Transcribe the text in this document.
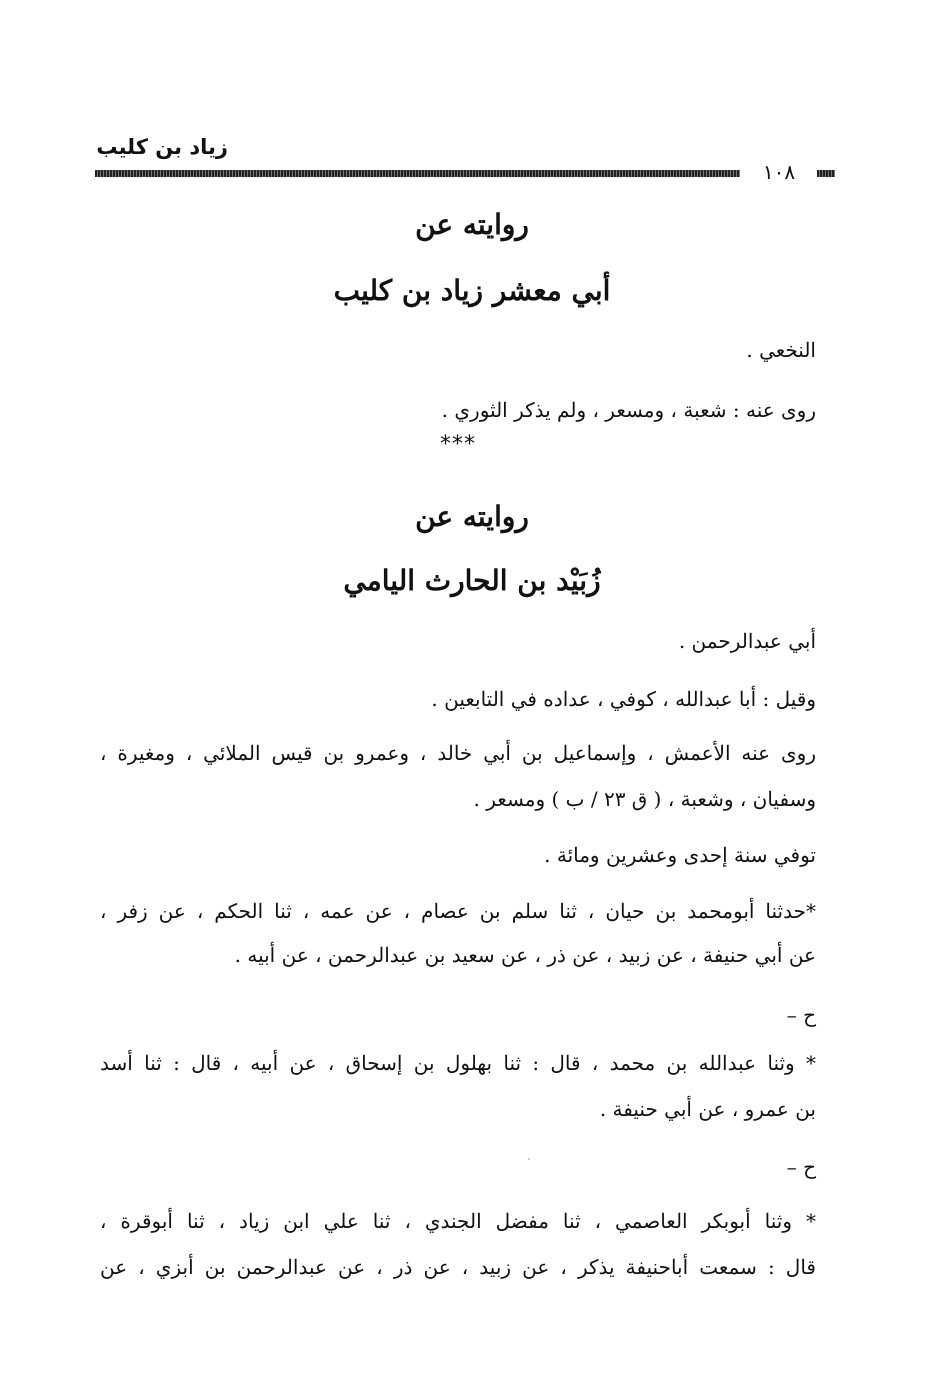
زياد بن كليب
١٠٨
روايته عن
أبي معشر زياد بن كليب
النخعي .
روى عنه : شعبة ، ومسعر ، ولم يذكر الثوري .
***
روايته عن
زُبَيْد بن الحارث اليامي
أبي عبدالرحمن .
وقيل : أبا عبدالله ، كوفي ، عداده في التابعين .
روى عنه الأعمش ، وإسماعيل بن أبي خالد ، وعمرو بن قيس الملائي ، ومغيرة ،
وسفيان ، وشعبة ، ( ق ٢٣ / ب ) ومسعر .
توفي سنة إحدى وعشرين ومائة .
*حدثنا أبومحمد بن حيان ، ثنا سلم بن عصام ، عن عمه ، ثنا الحكم ، عن زفر ،
عن أبي حنيفة ، عن زبيد ، عن ذر ، عن سعيد بن عبدالرحمن ، عن أبيه .
ح –
* وثنا عبدالله بن محمد ، قال : ثنا بهلول بن إسحاق ، عن أبيه ، قال : ثنا أسد
بن عمرو ، عن أبي حنيفة .
ح –
* وثنا أبوبكر العاصمي ، ثنا مفضل الجندي ، ثنا علي ابن زياد ، ثنا أبوقرة ،
قال : سمعت أباحنيفة يذكر ، عن زبيد ، عن ذر ، عن عبدالرحمن بن أبزي ، عن
